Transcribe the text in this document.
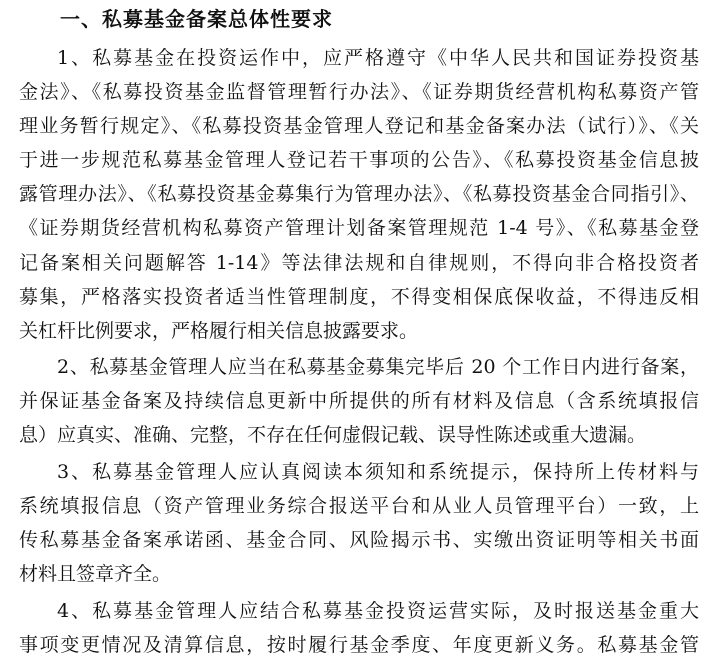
一、私募基金备案总体性要求
1、私募基金在投资运作中，应严格遵守《中华人民共和国证券投资基
金法》、《私募投资基金监督管理暂行办法》、《证券期货经营机构私募资产管
理业务暂行规定》、《私募投资基金管理人登记和基金备案办法（试行）》、《关
于进一步规范私募基金管理人登记若干事项的公告》、《私募投资基金信息披
露管理办法》、《私募投资基金募集行为管理办法》、《私募投资基金合同指引》、
《证券期货经营机构私募资产管理计划备案管理规范 1-4 号》、《私募基金登
记备案相关问题解答 1-14》等法律法规和自律规则，不得向非合格投资者
募集，严格落实投资者适当性管理制度，不得变相保底保收益，不得违反相
关杠杆比例要求，严格履行相关信息披露要求。
2、私募基金管理人应当在私募基金募集完毕后 20 个工作日内进行备案，
并保证基金备案及持续信息更新中所提供的所有材料及信息（含系统填报信
息）应真实、准确、完整，不存在任何虚假记载、误导性陈述或重大遗漏。
3、私募基金管理人应认真阅读本须知和系统提示，保持所上传材料与
系统填报信息（资产管理业务综合报送平台和从业人员管理平台）一致，上
传私募基金备案承诺函、基金合同、风险揭示书、实缴出资证明等相关书面
材料且签章齐全。
4、私募基金管理人应结合私募基金投资运营实际，及时报送基金重大
事项变更情况及清算信息，按时履行基金季度、年度更新义务。私募基金管
